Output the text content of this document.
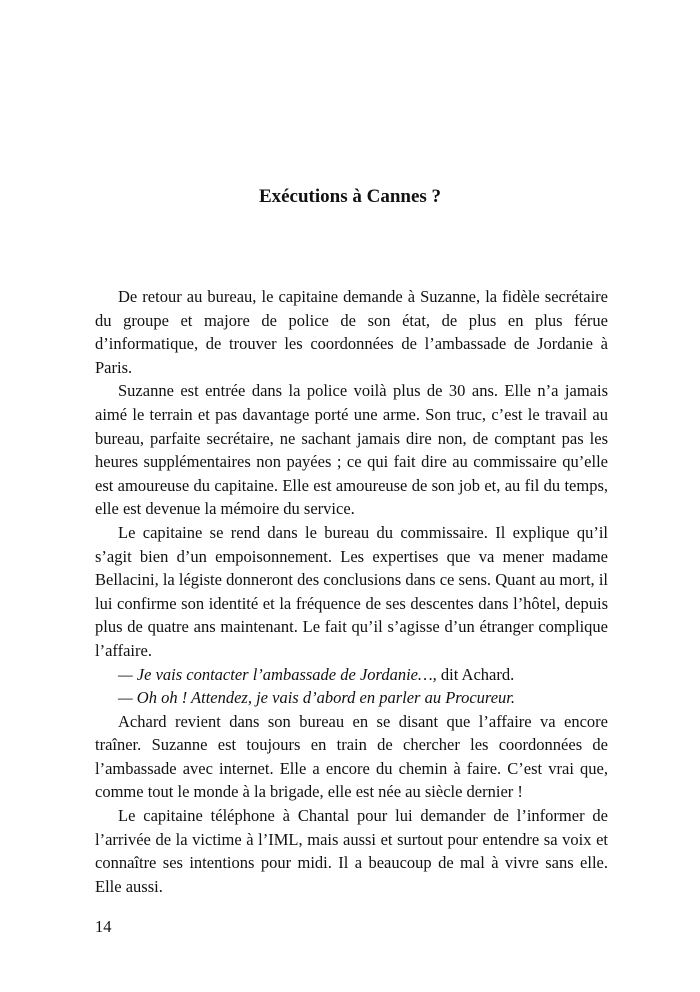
Exécutions à Cannes ?

De retour au bureau, le capitaine demande à Suzanne, la fidèle secrétaire du groupe et majore de police de son état, de plus en plus férue d’informatique, de trouver les coordonnées de l’ambassade de Jordanie à Paris.

Suzanne est entrée dans la police voilà plus de 30 ans. Elle n’a jamais aimé le terrain et pas davantage porté une arme. Son truc, c’est le travail au bureau, parfaite secrétaire, ne sachant jamais dire non, de comptant pas les heures supplémentaires non payées ; ce qui fait dire au commissaire qu’elle est amoureuse du capitaine. Elle est amoureuse de son job et, au fil du temps, elle est devenue la mémoire du service.

Le capitaine se rend dans le bureau du commissaire. Il explique qu’il s’agit bien d’un empoisonnement. Les expertises que va mener madame Bellacini, la légiste donneront des conclusions dans ce sens. Quant au mort, il lui confirme son identité et la fréquence de ses descentes dans l’hôtel, depuis plus de quatre ans maintenant. Le fait qu’il s’agisse d’un étranger complique l’affaire.

— Je vais contacter l’ambassade de Jordanie…, dit Achard.

— Oh oh ! Attendez, je vais d’abord en parler au Procureur.

Achard revient dans son bureau en se disant que l’affaire va encore traîner. Suzanne est toujours en train de chercher les coordonnées de l’ambassade avec internet. Elle a encore du chemin à faire. C’est vrai que, comme tout le monde à la brigade, elle est née au siècle dernier !

Le capitaine téléphone à Chantal pour lui demander de l’informer de l’arrivée de la victime à l’IML, mais aussi et surtout pour entendre sa voix et connaître ses intentions pour midi. Il a beaucoup de mal à vivre sans elle. Elle aussi.

14
